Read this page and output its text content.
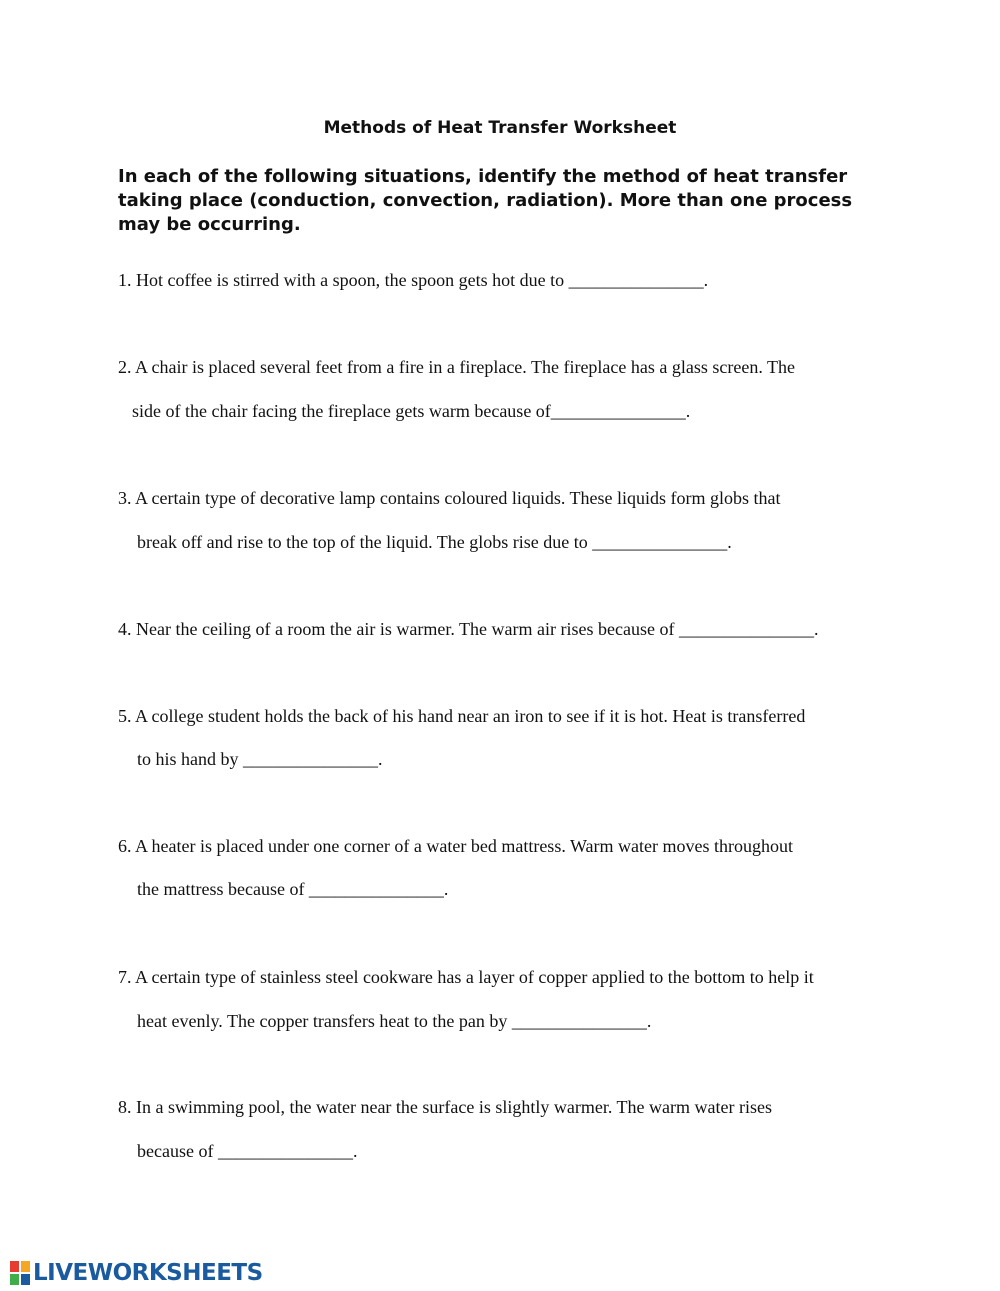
Methods of Heat Transfer Worksheet

In each of the following situations, identify the method of heat transfer taking place (conduction, convection, radiation). More than one process may be occurring.

1. Hot coffee is stirred with a spoon, the spoon gets hot due to _______________.

2. A chair is placed several feet from a fire in a fireplace. The fireplace has a glass screen. The

side of the chair facing the fireplace gets warm because of_______________.

3. A certain type of decorative lamp contains coloured liquids. These liquids form globs that

break off and rise to the top of the liquid. The globs rise due to _______________.

4. Near the ceiling of a room the air is warmer. The warm air rises because of _______________.

5. A college student holds the back of his hand near an iron to see if it is hot. Heat is transferred

to his hand by _______________.

6. A heater is placed under one corner of a water bed mattress. Warm water moves throughout

the mattress because of _______________.

7. A certain type of stainless steel cookware has a layer of copper applied to the bottom to help it

heat evenly. The copper transfers heat to the pan by _______________.

8. In a swimming pool, the water near the surface is slightly warmer. The warm water rises

because of _______________.

LIVEWORKSHEETS
